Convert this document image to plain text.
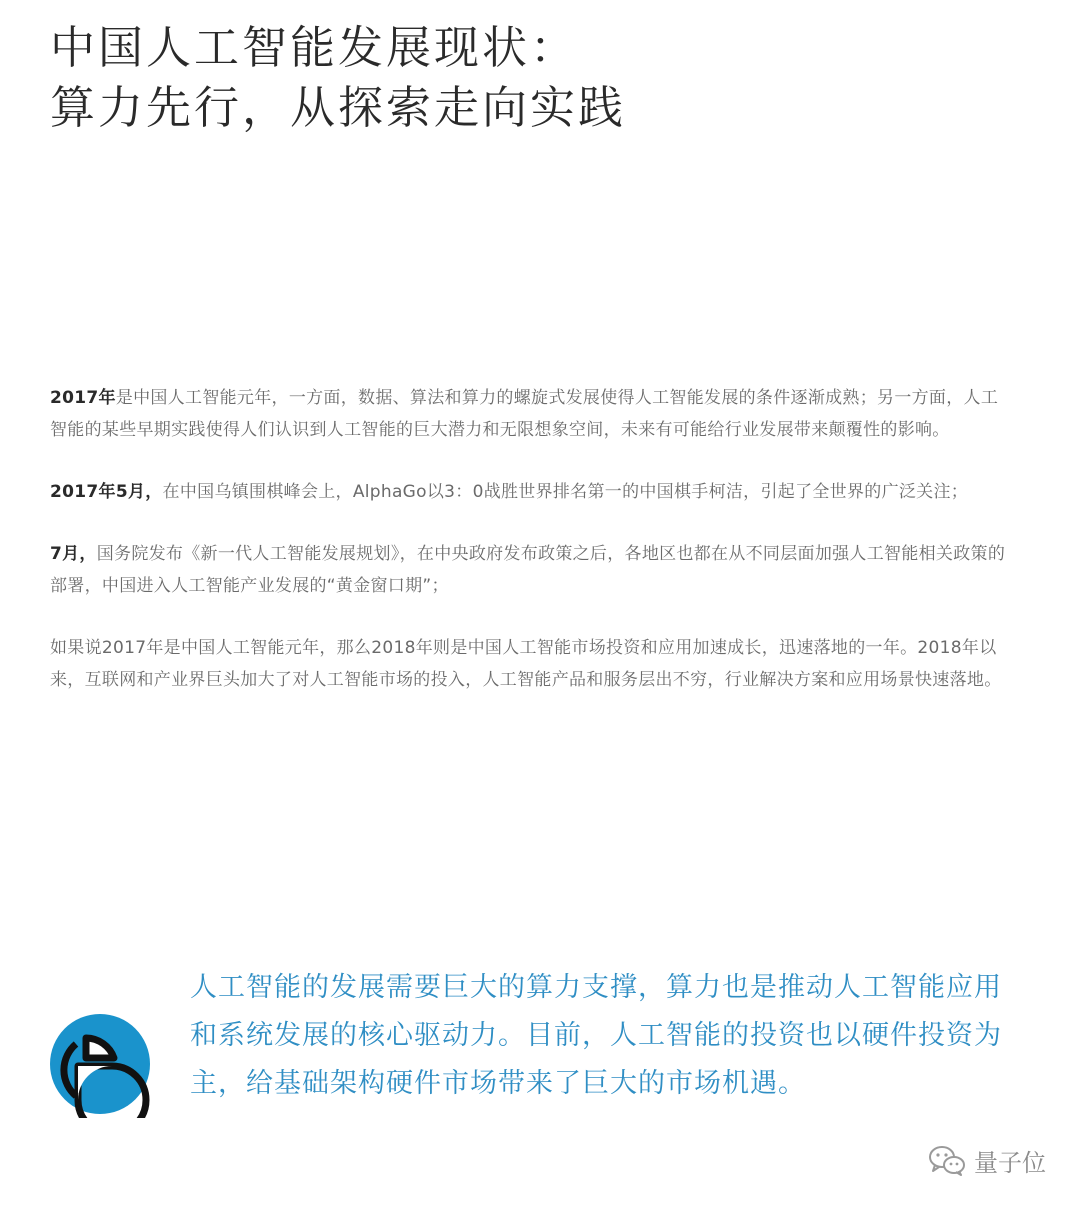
中国人工智能发展现状：
算力先行，从探索走向实践

2017年是中国人工智能元年，一方面，数据、算法和算力的螺旋式发展使得人工智能发展的条件逐渐成熟；另一方面，人工智能的某些早期实践使得人们认识到人工智能的巨大潜力和无限想象空间，未来有可能给行业发展带来颠覆性的影响。

2017年5月，在中国乌镇围棋峰会上，AlphaGo以3：0战胜世界排名第一的中国棋手柯洁，引起了全世界的广泛关注；

7月，国务院发布《新一代人工智能发展规划》，在中央政府发布政策之后，各地区也都在从不同层面加强人工智能相关政策的部署，中国进入人工智能产业发展的“黄金窗口期”；

如果说2017年是中国人工智能元年，那么2018年则是中国人工智能市场投资和应用加速成长，迅速落地的一年。2018年以来，互联网和产业界巨头加大了对人工智能市场的投入，人工智能产品和服务层出不穷，行业解决方案和应用场景快速落地。

人工智能的发展需要巨大的算力支撑，算力也是推动人工智能应用和系统发展的核心驱动力。目前，人工智能的投资也以硬件投资为主，给基础架构硬件市场带来了巨大的市场机遇。

量子位
